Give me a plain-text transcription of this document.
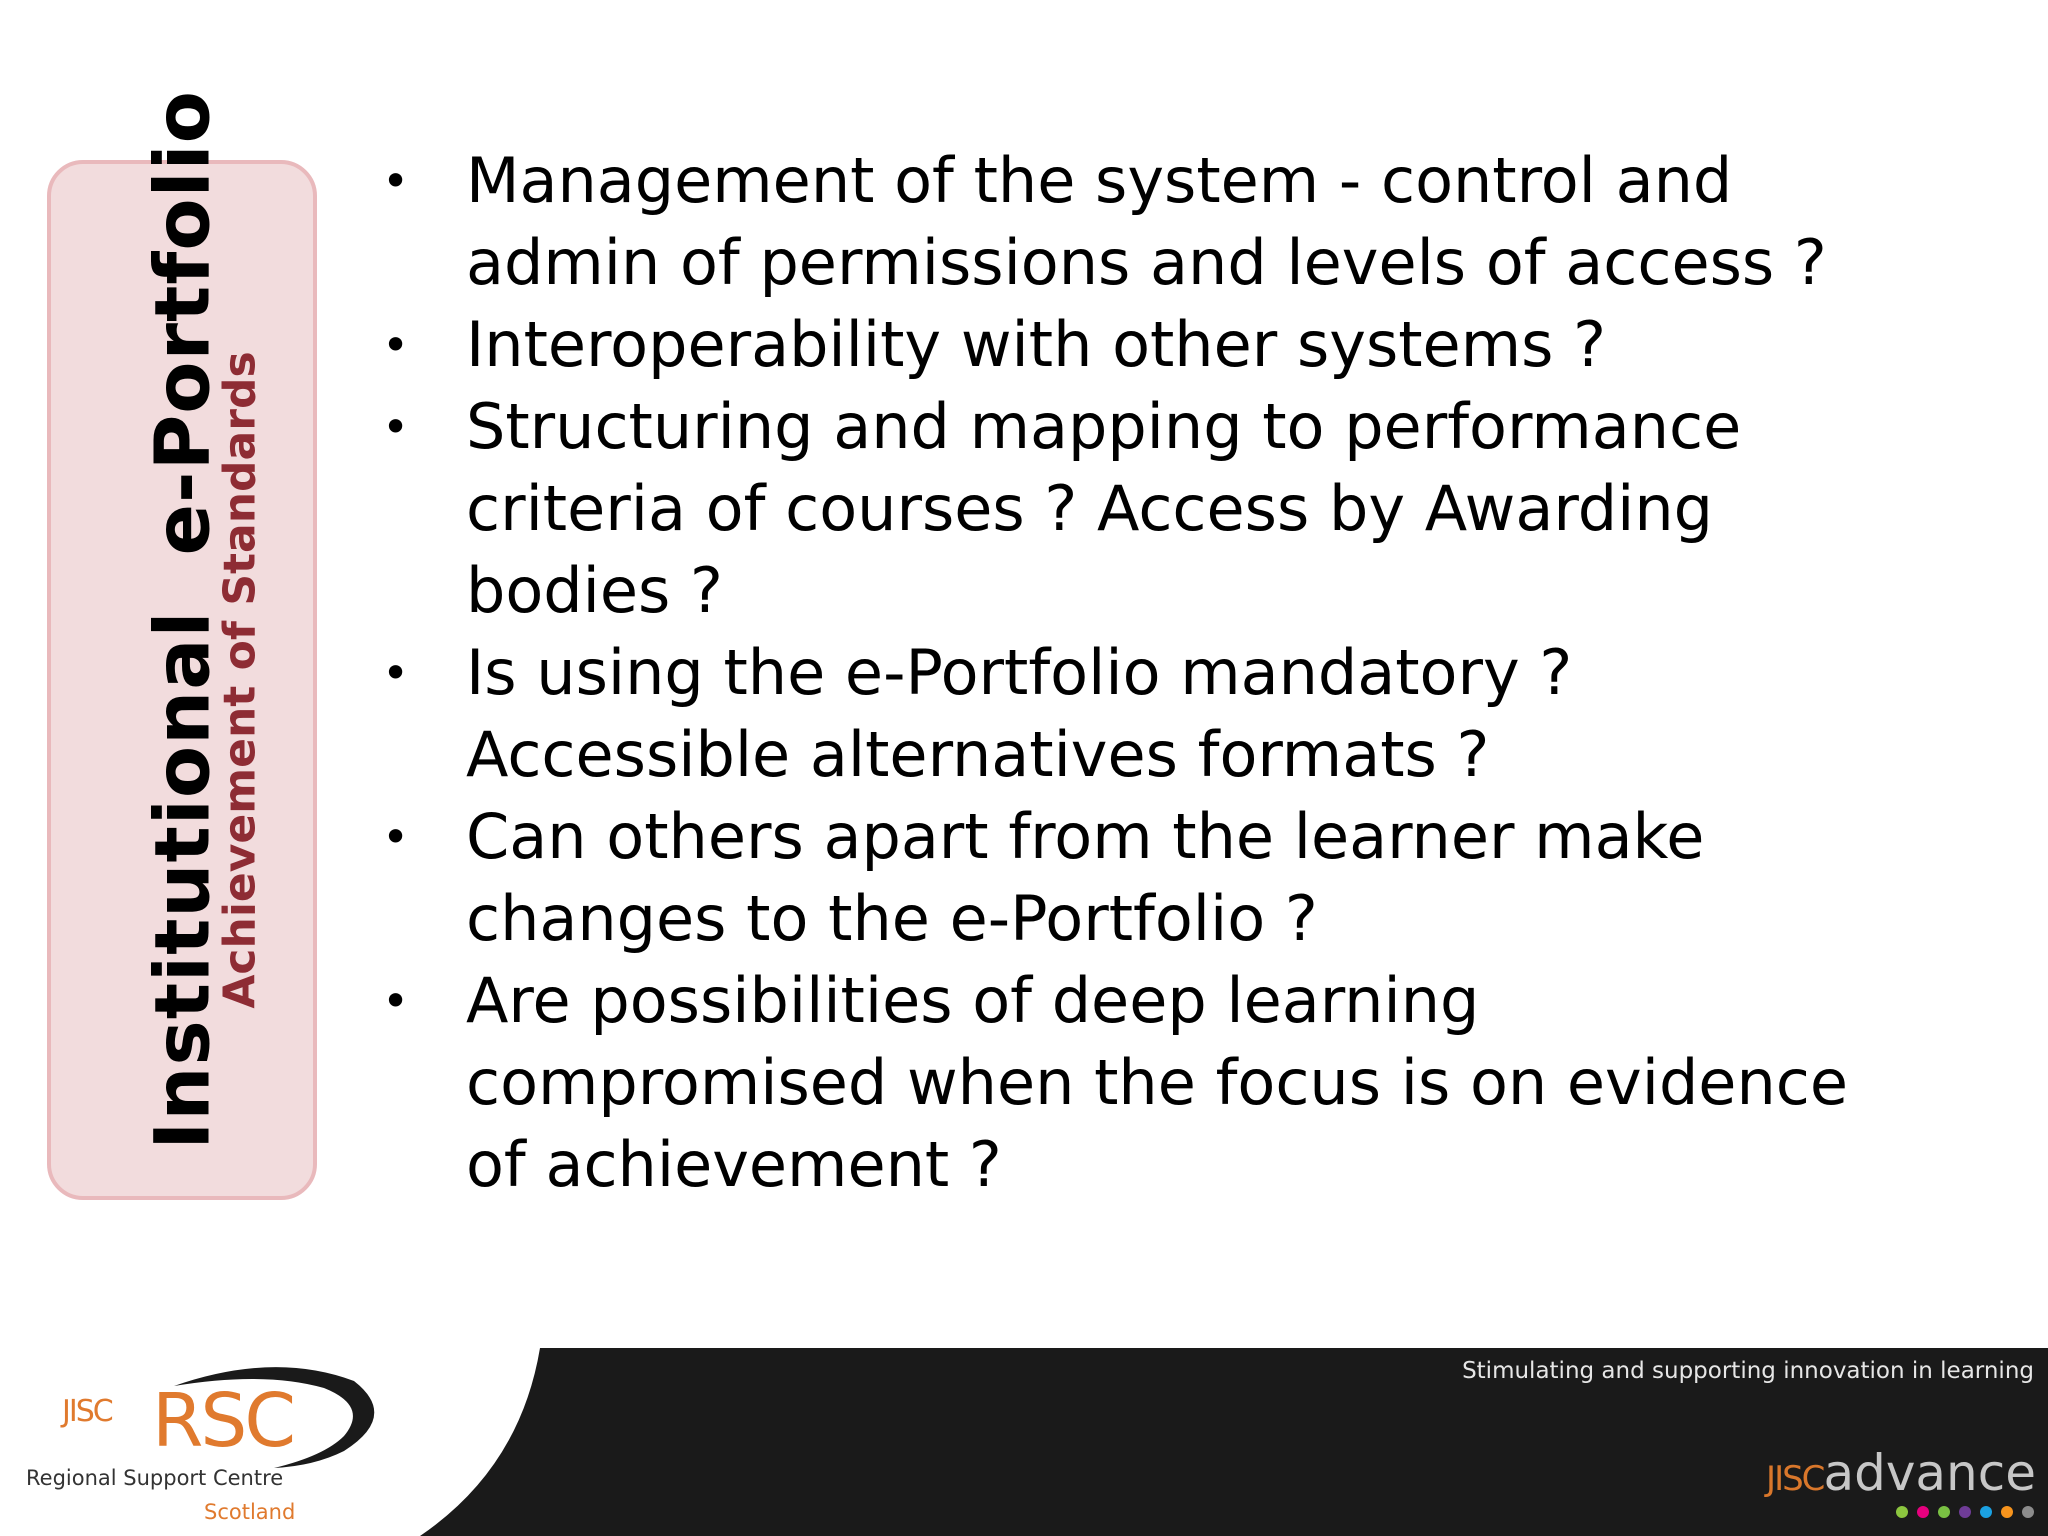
Institutional  e-Portfolio
Achievement of Standards
• Management of the system - control and
admin of permissions and levels of access ?
• Interoperability with other systems ?
• Structuring and mapping to performance
criteria of courses ? Access by Awarding
bodies ?
• Is using the e-Portfolio mandatory ?
Accessible alternatives formats ?
• Can others apart from the learner make
changes to the e-Portfolio ?
• Are possibilities of deep learning
compromised when the focus is on evidence
of achievement ?
Stimulating and supporting innovation in learning
JISCadvance
JISC RSC
Regional Support Centre
Scotland
